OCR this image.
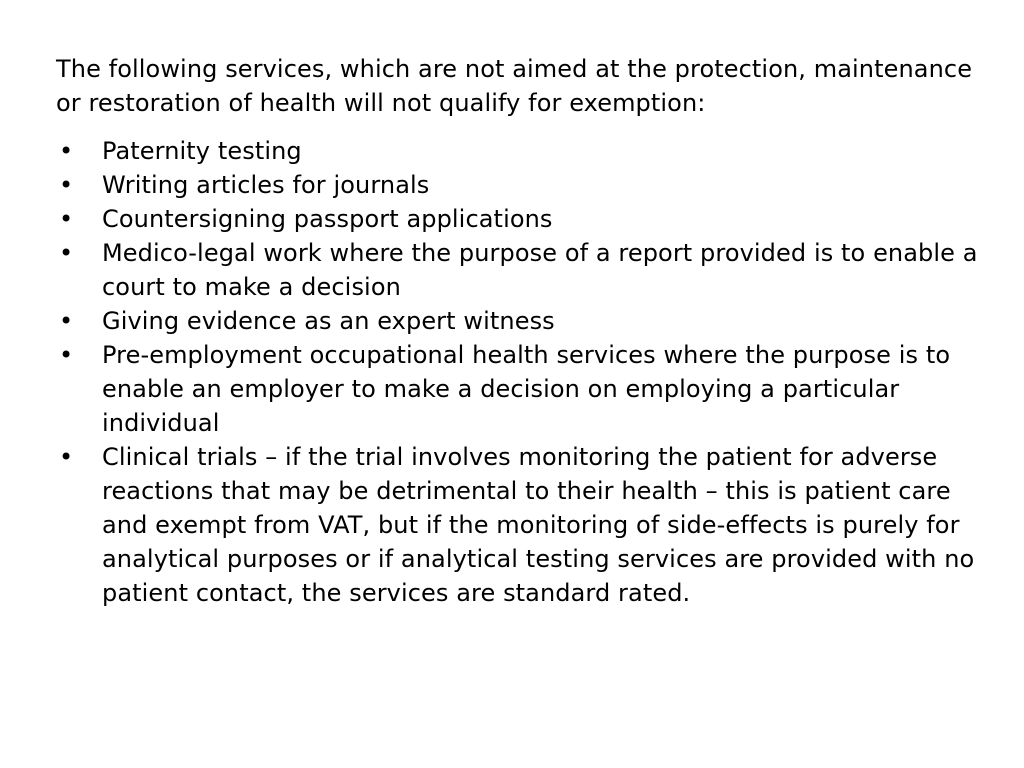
The following services, which are not aimed at the protection, maintenance or restoration of health will not qualify for exemption:

• Paternity testing
• Writing articles for journals
• Countersigning passport applications
• Medico-legal work where the purpose of a report provided is to enable a court to make a decision
• Giving evidence as an expert witness
• Pre-employment occupational health services where the purpose is to enable an employer to make a decision on employing a particular individual
• Clinical trials – if the trial involves monitoring the patient for adverse reactions that may be detrimental to their health – this is patient care and exempt from VAT, but if the monitoring of side-effects is purely for analytical purposes or if analytical testing services are provided with no patient contact, the services are standard rated.
